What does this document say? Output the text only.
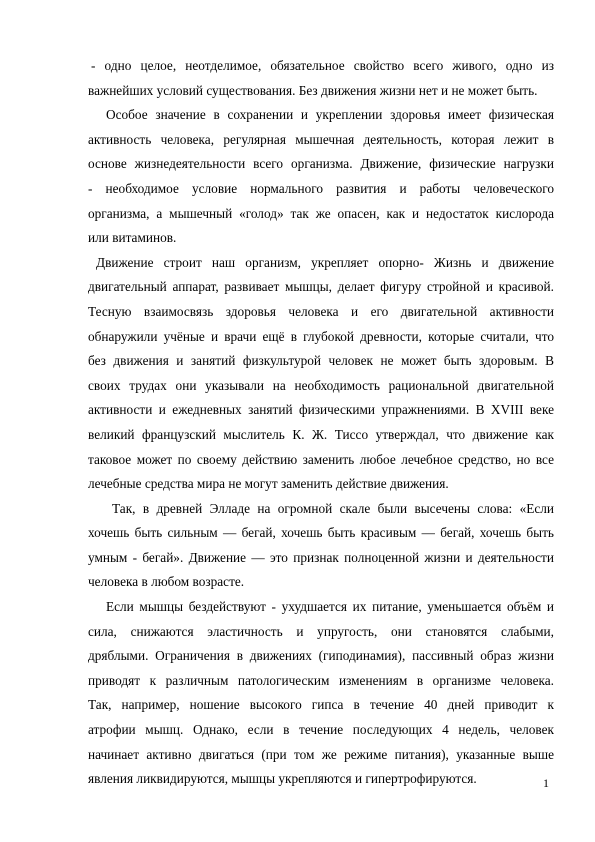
- одно целое, неотделимое, обязательное свойство всего живого, одно из
важнейших условий существования. Без движения жизни нет и не может быть.
Особое значение в сохранении и укреплении здоровья имеет физическая
активность человека, регулярная мышечная деятельность, которая лежит в
основе жизнедеятельности всего организма. Движение, физические нагрузки
- необходимое условие нормального развития и работы человеческого
организма, а мышечный «голод» так же опасен, как и недостаток кислорода
или витаминов.
Движение строит наш организм, укрепляет опорно- Жизнь и движение
двигательный аппарат, развивает мышцы, делает фигуру стройной и красивой.
Тесную взаимосвязь здоровья человека и его двигательной активности
обнаружили учёные и врачи ещё в глубокой древности, которые считали, что
без движения и занятий физкультурой человек не может быть здоровым. В
своих трудах они указывали на необходимость рациональной двигательной
активности и ежедневных занятий физическими упражнениями. В XVIII веке
великий французский мыслитель К. Ж. Тиссо утверждал, что движение как
таковое может по своему действию заменить любое лечебное средство, но все
лечебные средства мира не могут заменить действие движения.
Так, в древней Элладе на огромной скале были высечены слова: «Если
хочешь быть сильным — бегай, хочешь быть красивым — бегай, хочешь быть
умным - бегай». Движение — это признак полноценной жизни и деятельности
человека в любом возрасте.
Если мышцы бездействуют - ухудшается их питание, уменьшается объём и
сила, снижаются эластичность и упругость, они становятся слабыми,
дряблыми. Ограничения в движениях (гиподинамия), пассивный образ жизни
приводят к различным патологическим изменениям в организме человека.
Так, например, ношение высокого гипса в течение 40 дней приводит к
атрофии мышц. Однако, если в течение последующих 4 недель, человек
начинает активно двигаться (при том же режиме питания), указанные выше
явления ликвидируются, мышцы укрепляются и гипертрофируются.	1
